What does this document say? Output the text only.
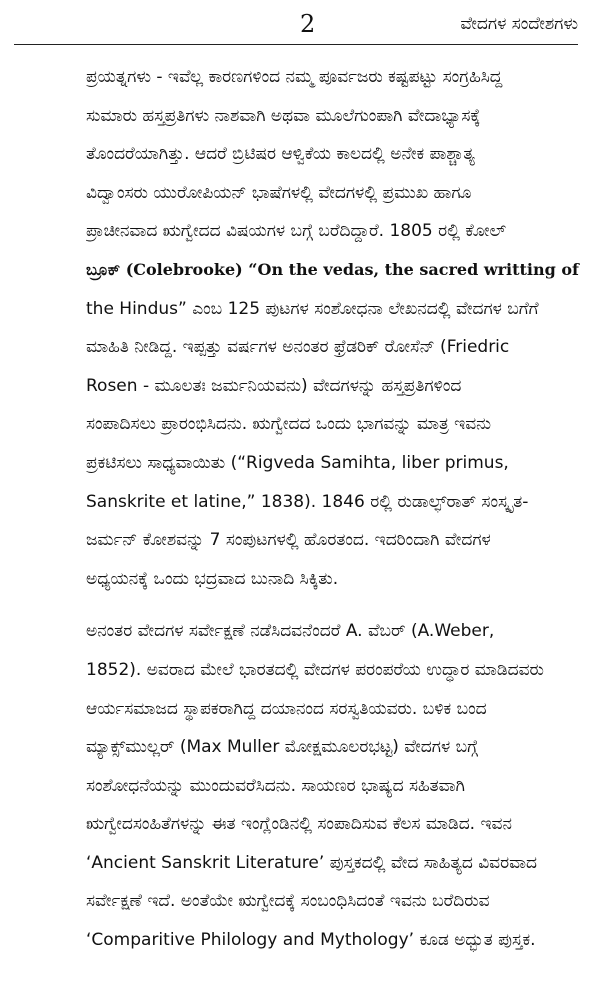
2	ವೇದಗಳ ಸಂದೇಶಗಳು
ಪ್ರಯತ್ನಗಳು - ಇವೆಲ್ಲ ಕಾರಣಗಳಿಂದ ನಮ್ಮ ಪೂರ್ವಜರು ಕಷ್ಟಪಟ್ಟು ಸಂಗ್ರಹಿಸಿದ್ದ
ಸುಮಾರು ಹಸ್ತಪ್ರತಿಗಳು ನಾಶವಾಗಿ ಅಥವಾ ಮೂಲೆಗುಂಪಾಗಿ ವೇದಾಭ್ಯಾಸಕ್ಕೆ
ತೊಂದರೆಯಾಗಿತ್ತು. ಆದರೆ ಬ್ರಿಟಿಷರ ಆಳ್ವಿಕೆಯ ಕಾಲದಲ್ಲಿ ಅನೇಕ ಪಾಶ್ಚಾತ್ಯ
ವಿದ್ವಾಂಸರು ಯುರೋಪಿಯನ್ ಭಾಷೆಗಳಲ್ಲಿ ವೇದಗಳಲ್ಲಿ ಪ್ರಮುಖ ಹಾಗೂ
ಪ್ರಾಚೀನವಾದ ಋಗ್ವೇದದ ವಿಷಯಗಳ ಬಗ್ಗೆ ಬರೆದಿದ್ದಾರೆ. 1805 ರಲ್ಲಿ ಕೋಲ್
ಬ್ರೂಕ್ (Colebrooke) “On the vedas, the sacred writting of
the Hindus” ಎಂಬ 125 ಪುಟಗಳ ಸಂಶೋಧನಾ ಲೇಖನದಲ್ಲಿ ವೇದಗಳ ಬಗೆಗೆ
ಮಾಹಿತಿ ನೀಡಿದ್ದ. ಇಪ್ಪತ್ತು ವರ್ಷಗಳ ಅನಂತರ ಫ್ರೆಡರಿಕ್ ರೋಸೆನ್ (Friedric
Rosen - ಮೂಲತಃ ಜರ್ಮನಿಯವನು) ವೇದಗಳನ್ನು ಹಸ್ತಪ್ರತಿಗಳಿಂದ
ಸಂಪಾದಿಸಲು ಪ್ರಾರಂಭಿಸಿದನು. ಋಗ್ವೇದದ ಒಂದು ಭಾಗವನ್ನು ಮಾತ್ರ ಇವನು
ಪ್ರಕಟಿಸಲು ಸಾಧ್ಯವಾಯಿತು (“Rigveda Samihta, liber primus,
Sanskrite et latine,” 1838). 1846 ರಲ್ಲಿ ರುಡಾಲ್ಫ್‌ರಾತ್ ಸಂಸ್ಕೃತ-
ಜರ್ಮನ್ ಕೋಶವನ್ನು 7 ಸಂಪುಟಗಳಲ್ಲಿ ಹೊರತಂದ. ಇದರಿಂದಾಗಿ ವೇದಗಳ
ಅಧ್ಯಯನಕ್ಕೆ ಒಂದು ಭದ್ರವಾದ ಬುನಾದಿ ಸಿಕ್ಕಿತು.
ಅನಂತರ ವೇದಗಳ ಸರ್ವೇಕ್ಷಣೆ ನಡೆಸಿದವನೆಂದರೆ A. ವೆಬರ್ (A.Weber,
1852). ಅವರಾದ ಮೇಲೆ ಭಾರತದಲ್ಲಿ ವೇದಗಳ ಪರಂಪರೆಯ ಉದ್ಧಾರ ಮಾಡಿದವರು
ಆರ್ಯಸಮಾಜದ ಸ್ಥಾಪಕರಾಗಿದ್ದ ದಯಾನಂದ ಸರಸ್ವತಿಯವರು. ಬಳಿಕ ಬಂದ
ಮ್ಯಾಕ್ಸ್‌ಮುಲ್ಲರ್ (Max Muller ಮೋಕ್ಷಮೂಲರಭಟ್ಟ) ವೇದಗಳ ಬಗ್ಗೆ
ಸಂಶೋಧನೆಯನ್ನು ಮುಂದುವರೆಸಿದನು. ಸಾಯಣರ ಭಾಷ್ಯದ ಸಹಿತವಾಗಿ
ಋಗ್ವೇದಸಂಹಿತೆಗಳನ್ನು ಈತ ಇಂಗ್ಲೆಂಡಿನಲ್ಲಿ ಸಂಪಾದಿಸುವ ಕೆಲಸ ಮಾಡಿದ. ಇವನ
‘Ancient Sanskrit Literature’ ಪುಸ್ತಕದಲ್ಲಿ ವೇದ ಸಾಹಿತ್ಯದ ವಿವರವಾದ
ಸರ್ವೇಕ್ಷಣೆ ಇದೆ. ಅಂತೆಯೇ ಋಗ್ವೇದಕ್ಕೆ ಸಂಬಂಧಿಸಿದಂತೆ ಇವನು ಬರೆದಿರುವ
‘Comparitive Philology and Mythology’ ಕೂಡ ಅದ್ಭುತ ಪುಸ್ತಕ.
